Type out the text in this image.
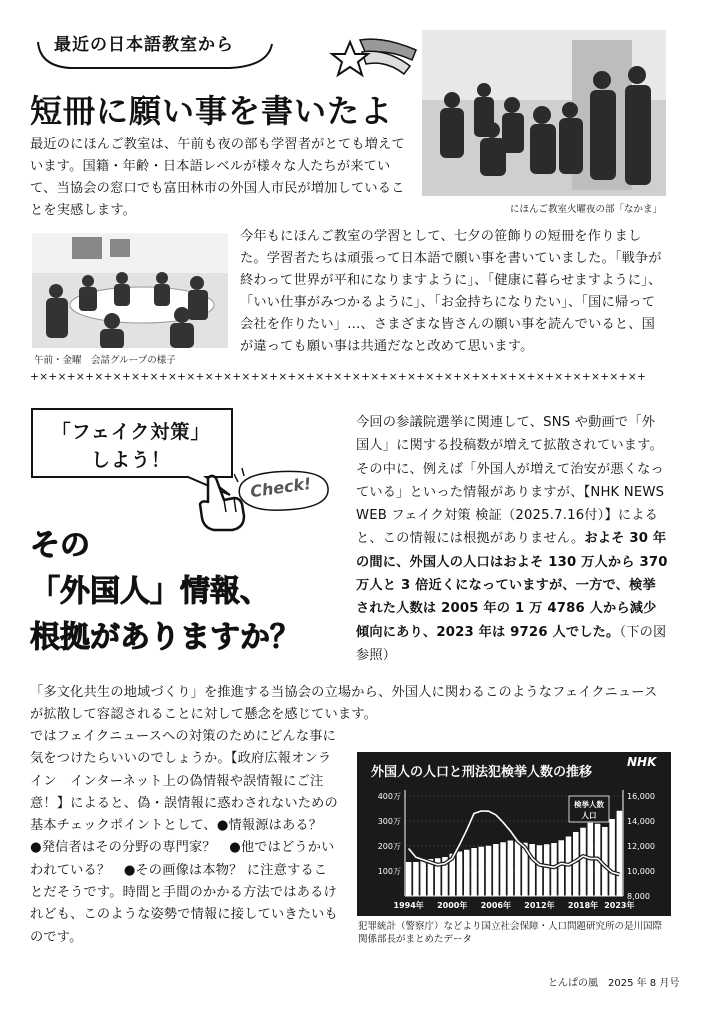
最近の日本語教室から
短冊に願い事を書いたよ

最近のにほんご教室は、午前も夜の部も学習者がとても増えています。国籍・年齢・日本語レベルが様々な人たちが来ていて、当協会の窓口でも富田林市の外国人市民が増加していることを実感します。	にほんご教室火曜夜の部「なかま」
午前・金曜　会話グループの様子

今年もにほんご教室の学習として、七夕の笹飾りの短冊を作りました。学習者たちは頑張って日本語で願い事を書いていました。「戦争が終わって世界が平和になりますように」、「健康に暮らせますように」、「いい仕事がみつかるように」、「お金持ちになりたい」、「国に帰って会社を作りたい」…、さまざまな皆さんの願い事を読んでいると、国が違っても願い事は共通だなと改めて思います。

+×+×+×+×+×+×+×+×+×+×+×+×+×+×+×+×+×+×+×+×+×+×+×+×+×+×+×+×+×+×+×+×+×+
「フェイク対策」
しよう！
Check!
その
「外国人」情報、
根拠がありますか？

今回の参議院選挙に関連して、SNS や動画で「外国人」に関する投稿数が増えて拡散されています。その中に、例えば「外国人が増えて治安が悪くなっている」といった情報がありますが、【NHK NEWS WEB フェイク対策 検証（2025.7.16付）】によると、この情報には根拠がありません。およそ 30 年の間に、外国人の人口はおよそ 130 万人から 370 万人と 3 倍近くになっていますが、一方で、検挙された人数は 2005 年の 1 万 4786 人から減少傾向にあり、2023 年は 9726 人でした。（下の図参照）

「多文化共生の地域づくり」を推進する当協会の立場から、外国人に関わるこのようなフェイクニュースが拡散して容認されることに対して懸念を感じています。

ではフェイクニュースへの対策のためにどんな事に気をつけたらいいのでしょうか。【政府広報オンライン　インターネット上の偽情報や誤情報にご注意！】によると、偽・誤情報に惑わされないための基本チェックポイントとして、●情報源はある？　●発信者はその分野の専門家？　●他ではどうかいわれている？　●その画像は本物？ に注意することだそうです。時間と手間のかかる方法ではあるけれども、このような姿勢で情報に接していきたいものです。

外国人の人口と刑法犯検挙人数の推移
NHK
100万
200万
300万
400万
8,000
10,000
12,000
14,000
16,000
検挙人数
人口
1994年 2000年 2006年 2012年 2018年 2023年
犯罪統計（警察庁）などより国立社会保障・人口問題研究所の是川国際関係部長がまとめたデータ
とんぱの風　2025 年 8 月号
